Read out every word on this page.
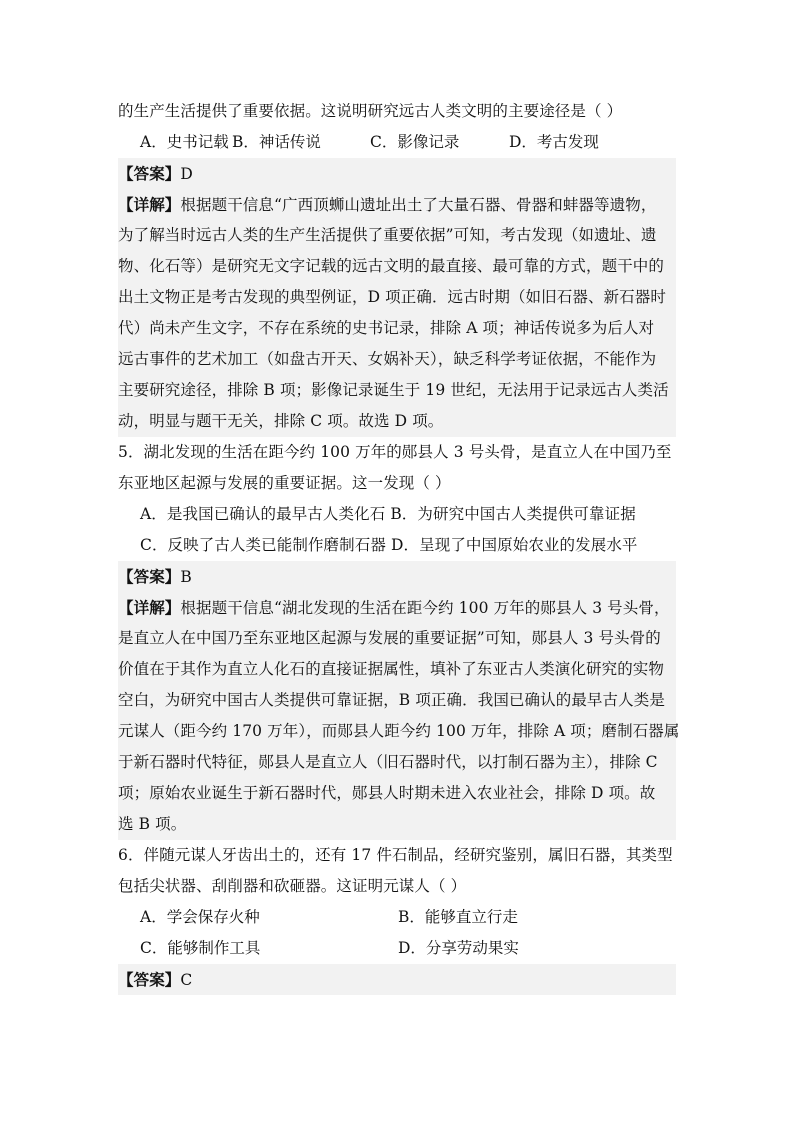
的生产生活提供了重要依据。这说明研究远古人类文明的主要途径是（ ）
A．史书记载 B．神话传说	C．影像记录	D．考古发现
【答案】D
【详解】根据题干信息“广西顶蛳山遗址出土了大量石器、骨器和蚌器等遗物，
为了解当时远古人类的生产生活提供了重要依据”可知，考古发现（如遗址、遗
物、化石等）是研究无文字记载的远古文明的最直接、最可靠的方式，题干中的
出土文物正是考古发现的典型例证，D 项正确．远古时期（如旧石器、新石器时
代）尚未产生文字，不存在系统的史书记录，排除 A 项；神话传说多为后人对
远古事件的艺术加工（如盘古开天、女娲补天），缺乏科学考证依据，不能作为
主要研究途径，排除 B 项；影像记录诞生于 19 世纪，无法用于记录远古人类活
动，明显与题干无关，排除 C 项。故选 D 项。
5．湖北发现的生活在距今约 100 万年的郧县人 3 号头骨，是直立人在中国乃至
东亚地区起源与发展的重要证据。这一发现（ ）
A．是我国已确认的最早古人类化石 B．为研究中国古人类提供可靠证据
C．反映了古人类已能制作磨制石器 D．呈现了中国原始农业的发展水平
【答案】B
【详解】根据题干信息“湖北发现的生活在距今约 100 万年的郧县人 3 号头骨，
是直立人在中国乃至东亚地区起源与发展的重要证据”可知，郧县人 3 号头骨的
价值在于其作为直立人化石的直接证据属性，填补了东亚古人类演化研究的实物
空白，为研究中国古人类提供可靠证据，B 项正确．我国已确认的最早古人类是
元谋人（距今约 170 万年），而郧县人距今约 100 万年，排除 A 项；磨制石器属
于新石器时代特征，郧县人是直立人（旧石器时代，以打制石器为主），排除 C
项；原始农业诞生于新石器时代，郧县人时期未进入农业社会，排除 D 项。故
选 B 项。
6．伴随元谋人牙齿出土的，还有 17 件石制品，经研究鉴别，属旧石器，其类型
包括尖状器、刮削器和砍砸器。这证明元谋人（ ）
A．学会保存火种	B．能够直立行走
C．能够制作工具	D．分享劳动果实
【答案】C
